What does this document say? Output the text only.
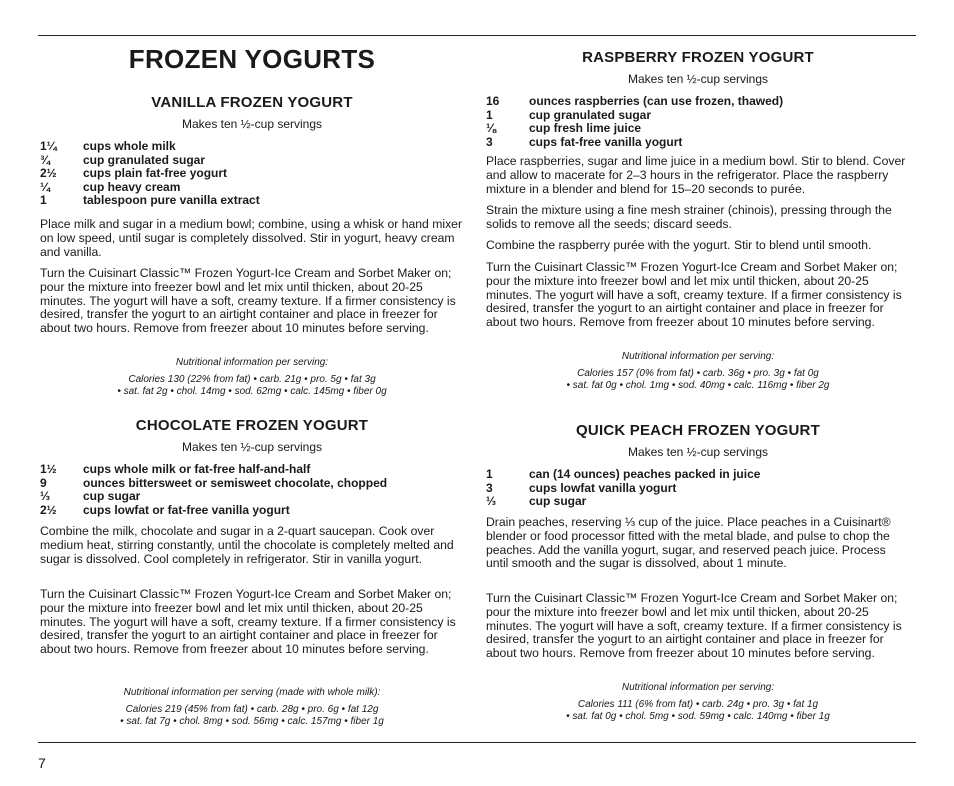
FROZEN YOGURTS
VANILLA FROZEN YOGURT
Makes ten ½-cup servings
1¼	cups whole milk
¾	cup granulated sugar
2½	cups plain fat-free yogurt
¼	cup heavy cream
1	tablespoon pure vanilla extract

Place milk and sugar in a medium bowl; combine, using a whisk or hand mixer on low speed, until sugar is completely dissolved. Stir in yogurt, heavy cream and vanilla.

Turn the Cuisinart Classic™ Frozen Yogurt-Ice Cream and Sorbet Maker on; pour the mixture into freezer bowl and let mix until thicken, about 20-25 minutes. The yogurt will have a soft, creamy texture. If a firmer consistency is desired, transfer the yogurt to an airtight container and place in freezer for about two hours. Remove from freezer about 10 minutes before serving.

Nutritional information per serving:
Calories 130 (22% from fat) • carb. 21g • pro. 5g • fat 3g
• sat. fat 2g • chol. 14mg • sod. 62mg • calc. 145mg • fiber 0g
CHOCOLATE FROZEN YOGURT
Makes ten ½-cup servings
1½	cups whole milk or fat-free half-and-half
9	ounces bittersweet or semisweet chocolate, chopped
⅓	cup sugar
2½	cups lowfat or fat-free vanilla yogurt

Combine the milk, chocolate and sugar in a 2-quart saucepan. Cook over medium heat, stirring constantly, until the chocolate is completely melted and sugar is dissolved. Cool completely in refrigerator. Stir in vanilla yogurt.

Turn the Cuisinart Classic™ Frozen Yogurt-Ice Cream and Sorbet Maker on; pour the mixture into freezer bowl and let mix until thicken, about 20-25 minutes. The yogurt will have a soft, creamy texture. If a firmer consistency is desired, transfer the yogurt to an airtight container and place in freezer for about two hours. Remove from freezer about 10 minutes before serving.

Nutritional information per serving (made with whole milk):
Calories 219 (45% from fat) • carb. 28g • pro. 6g • fat 12g
• sat. fat 7g • chol. 8mg • sod. 56mg • calc. 157mg • fiber 1g
RASPBERRY FROZEN YOGURT
Makes ten ½-cup servings
16	ounces raspberries (can use frozen, thawed)
1	cup granulated sugar
⅛	cup fresh lime juice
3	cups fat-free vanilla yogurt

Place raspberries, sugar and lime juice in a medium bowl. Stir to blend. Cover and allow to macerate for 2–3 hours in the refrigerator. Place the raspberry mixture in a blender and blend for 15–20 seconds to purée.

Strain the mixture using a fine mesh strainer (chinois), pressing through the solids to remove all the seeds; discard seeds.

Combine the raspberry purée with the yogurt. Stir to blend until smooth.

Turn the Cuisinart Classic™ Frozen Yogurt-Ice Cream and Sorbet Maker on; pour the mixture into freezer bowl and let mix until thicken, about 20-25 minutes. The yogurt will have a soft, creamy texture. If a firmer consistency is desired, transfer the yogurt to an airtight container and place in freezer for about two hours. Remove from freezer about 10 minutes before serving.

Nutritional information per serving:
Calories 157 (0% from fat) • carb. 36g • pro. 3g • fat 0g
• sat. fat 0g • chol. 1mg • sod. 40mg • calc. 116mg • fiber 2g
QUICK PEACH FROZEN YOGURT
Makes ten ½-cup servings
1	can (14 ounces) peaches packed in juice
3	cups lowfat vanilla yogurt
⅓	cup sugar

Drain peaches, reserving ⅓ cup of the juice. Place peaches in a Cuisinart® blender or food processor fitted with the metal blade, and pulse to chop the peaches. Add the vanilla yogurt, sugar, and reserved peach juice. Process until smooth and the sugar is dissolved, about 1 minute.

Turn the Cuisinart Classic™ Frozen Yogurt-Ice Cream and Sorbet Maker on; pour the mixture into freezer bowl and let mix until thicken, about 20-25 minutes. The yogurt will have a soft, creamy texture. If a firmer consistency is desired, transfer the yogurt to an airtight container and place in freezer for about two hours. Remove from freezer about 10 minutes before serving.

Nutritional information per serving:
Calories 111 (6% from fat) • carb. 24g • pro. 3g • fat 1g
• sat. fat 0g • chol. 5mg • sod. 59mg • calc. 140mg • fiber 1g
7
